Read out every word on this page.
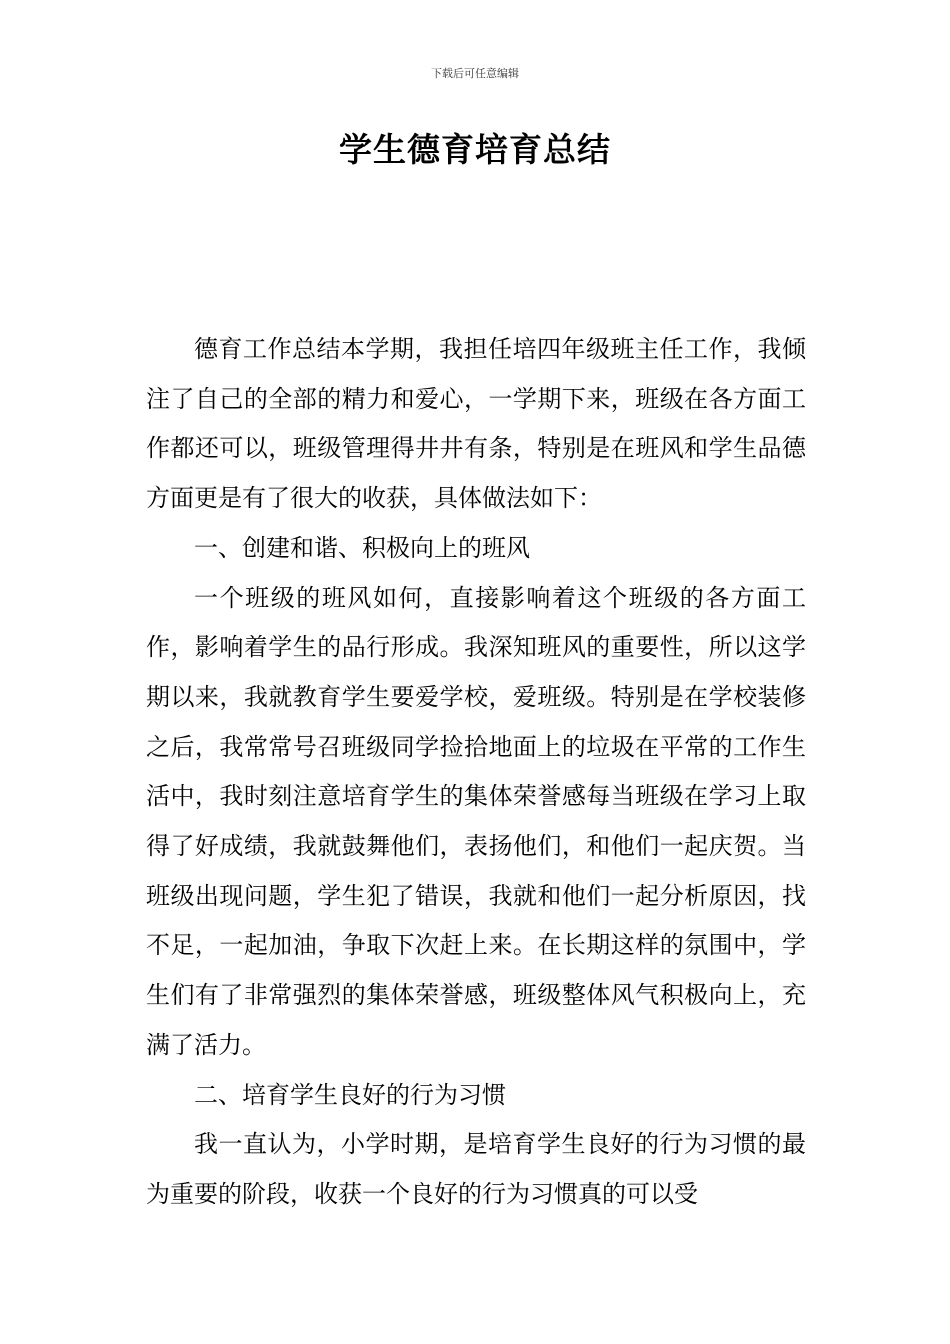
下载后可任意编辑
学生德育培育总结

德育工作总结本学期，我担任培四年级班主任工作，我倾注了自己的全部的精力和爱心，一学期下来，班级在各方面工作都还可以，班级管理得井井有条，特别是在班风和学生品德方面更是有了很大的收获，具体做法如下：

一、创建和谐、积极向上的班风

一个班级的班风如何，直接影响着这个班级的各方面工作，影响着学生的品行形成。我深知班风的重要性，所以这学期以来，我就教育学生要爱学校，爱班级。特别是在学校装修之后，我常常号召班级同学捡拾地面上的垃圾在平常的工作生活中，我时刻注意培育学生的集体荣誉感每当班级在学习上取得了好成绩，我就鼓舞他们，表扬他们，和他们一起庆贺。当班级出现问题，学生犯了错误，我就和他们一起分析原因，找不足，一起加油，争取下次赶上来。在长期这样的氛围中，学生们有了非常强烈的集体荣誉感，班级整体风气积极向上，充满了活力。

二、培育学生良好的行为习惯

我一直认为，小学时期，是培育学生良好的行为习惯的最为重要的阶段，收获一个良好的行为习惯真的可以受
